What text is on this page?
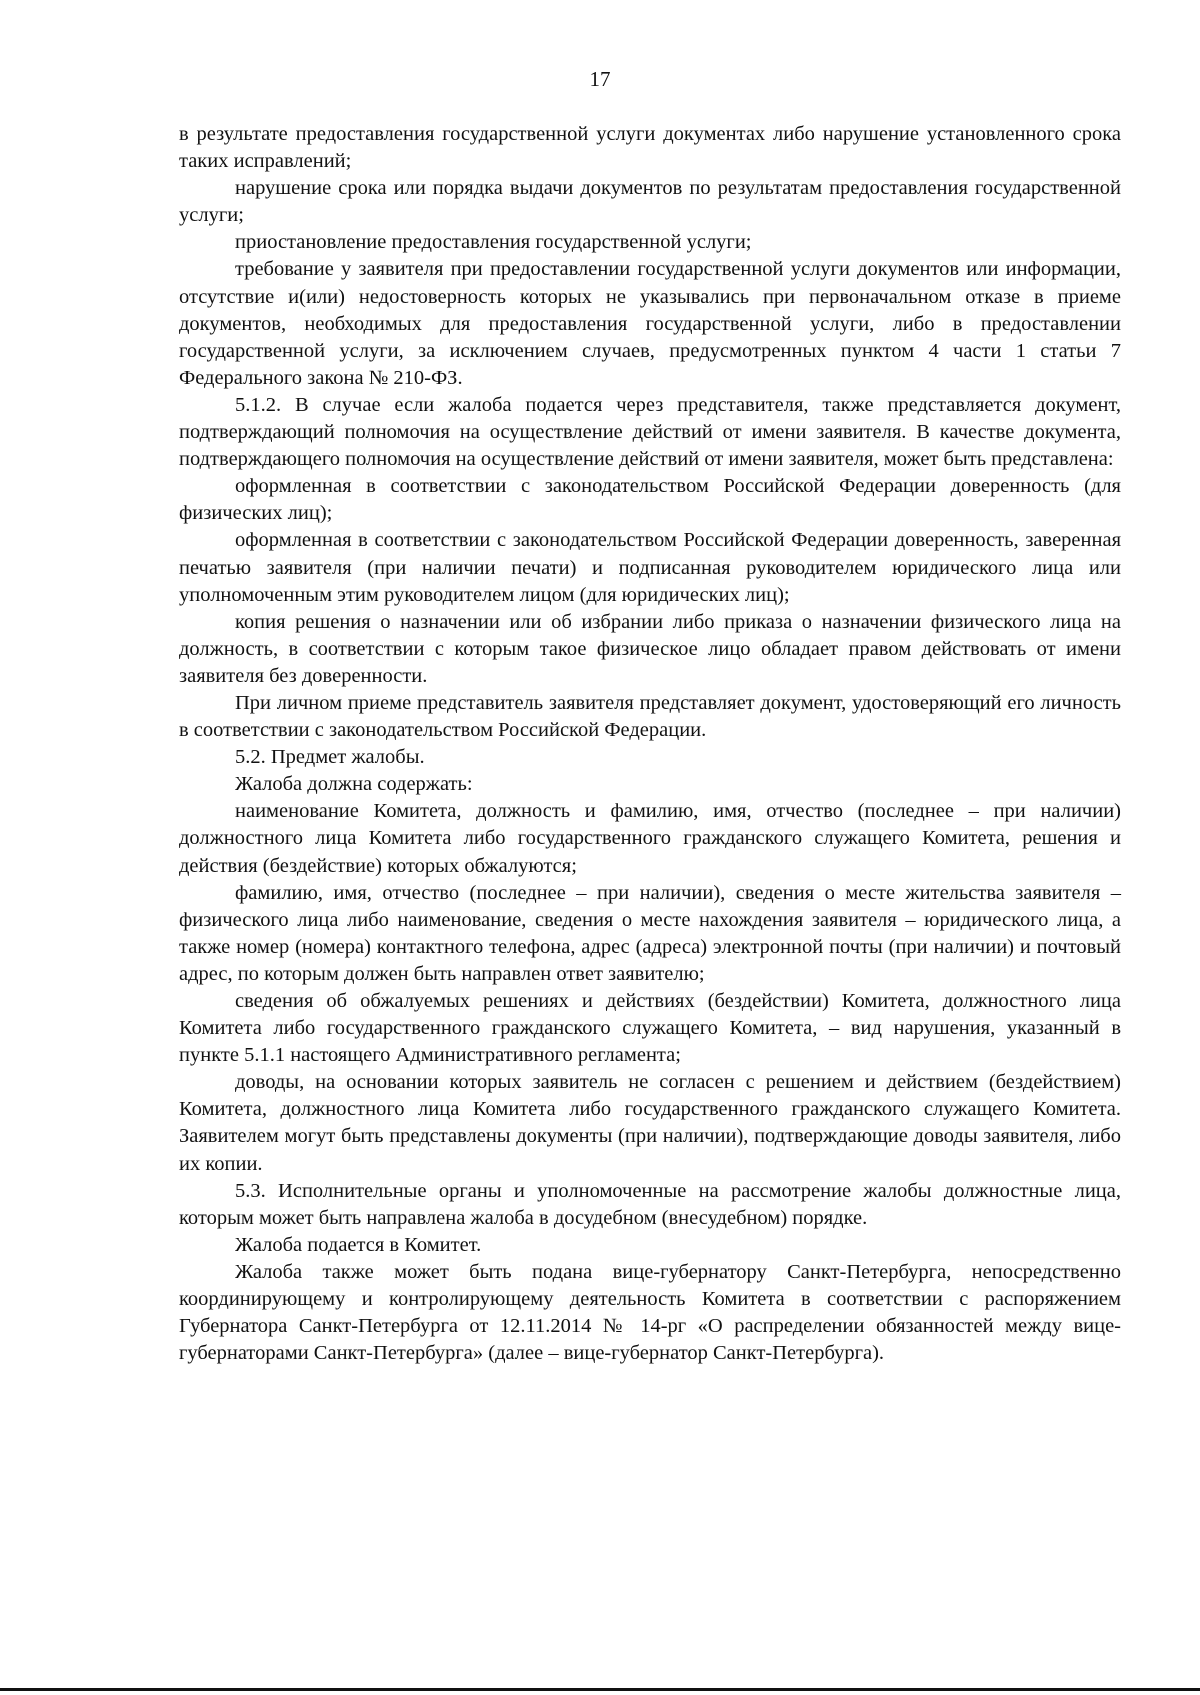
17

в результате предоставления государственной услуги документах либо нарушение установленного срока таких исправлений;

нарушение срока или порядка выдачи документов по результатам предоставления государственной услуги;

приостановление предоставления государственной услуги;

требование у заявителя при предоставлении государственной услуги документов или информации, отсутствие и(или) недостоверность которых не указывались при первоначальном отказе в приеме документов, необходимых для предоставления государственной услуги, либо в предоставлении государственной услуги, за исключением случаев, предусмотренных пунктом 4 части 1 статьи 7 Федерального закона № 210-ФЗ.

5.1.2. В случае если жалоба подается через представителя, также представляется документ, подтверждающий полномочия на осуществление действий от имени заявителя. В качестве документа, подтверждающего полномочия на осуществление действий от имени заявителя, может быть представлена:

оформленная в соответствии с законодательством Российской Федерации доверенность (для физических лиц);

оформленная в соответствии с законодательством Российской Федерации доверенность, заверенная печатью заявителя (при наличии печати) и подписанная руководителем юридического лица или уполномоченным этим руководителем лицом (для юридических лиц);

копия решения о назначении или об избрании либо приказа о назначении физического лица на должность, в соответствии с которым такое физическое лицо обладает правом действовать от имени заявителя без доверенности.

При личном приеме представитель заявителя представляет документ, удостоверяющий его личность в соответствии с законодательством Российской Федерации.

5.2. Предмет жалобы.

Жалоба должна содержать:

наименование Комитета, должность и фамилию, имя, отчество (последнее – при наличии) должностного лица Комитета либо государственного гражданского служащего Комитета, решения и действия (бездействие) которых обжалуются;

фамилию, имя, отчество (последнее – при наличии), сведения о месте жительства заявителя – физического лица либо наименование, сведения о месте нахождения заявителя – юридического лица, а также номер (номера) контактного телефона, адрес (адреса) электронной почты (при наличии) и почтовый адрес, по которым должен быть направлен ответ заявителю;

сведения об обжалуемых решениях и действиях (бездействии) Комитета, должностного лица Комитета либо государственного гражданского служащего Комитета, – вид нарушения, указанный в пункте 5.1.1 настоящего Административного регламента;

доводы, на основании которых заявитель не согласен с решением и действием (бездействием) Комитета, должностного лица Комитета либо государственного гражданского служащего Комитета. Заявителем могут быть представлены документы (при наличии), подтверждающие доводы заявителя, либо их копии.

5.3. Исполнительные органы и уполномоченные на рассмотрение жалобы должностные лица, которым может быть направлена жалоба в досудебном (внесудебном) порядке.

Жалоба подается в Комитет.

Жалоба также может быть подана вице-губернатору Санкт-Петербурга, непосредственно координирующему и контролирующему деятельность Комитета в соответствии с распоряжением Губернатора Санкт-Петербурга от 12.11.2014 № 14-рг «О распределении обязанностей между вице-губернаторами Санкт-Петербурга» (далее – вице-губернатор Санкт-Петербурга).
